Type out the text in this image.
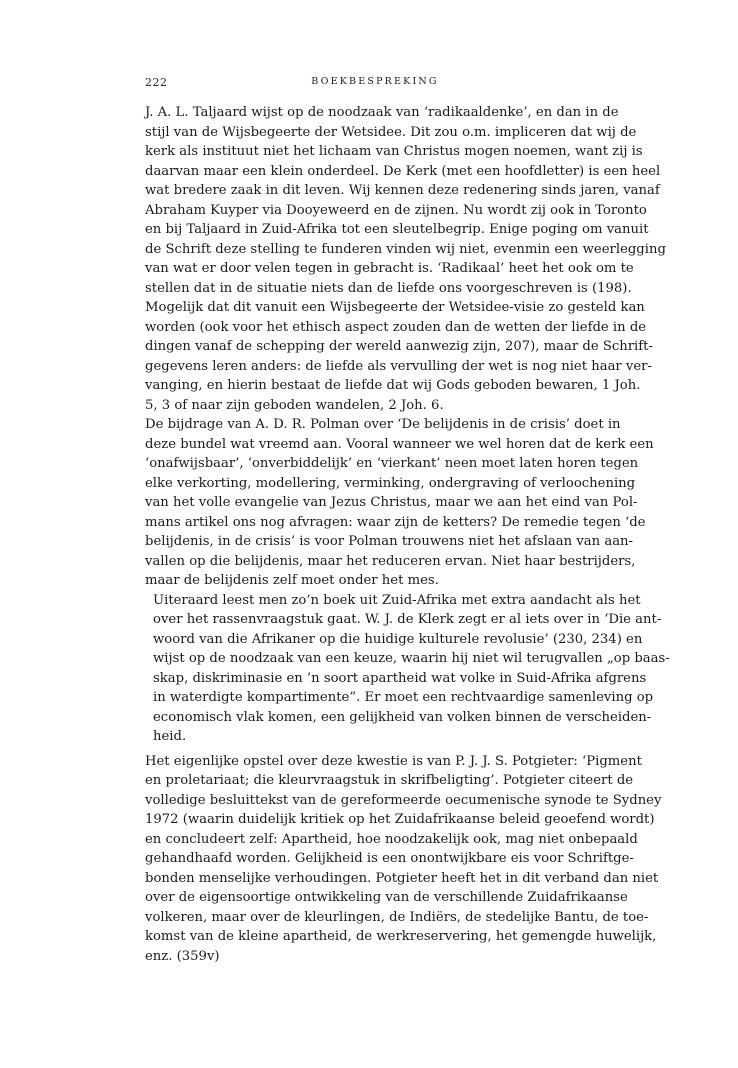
222	BOEKBESPREKING
J. A. L. Taljaard wijst op de noodzaak van ‘radikaaldenke’, en dan in de
stijl van de Wijsbegeerte der Wetsidee. Dit zou o.m. impliceren dat wij de
kerk als instituut niet het lichaam van Christus mogen noemen, want zij is
daarvan maar een klein onderdeel. De Kerk (met een hoofdletter) is een heel
wat bredere zaak in dit leven. Wij kennen deze redenering sinds jaren, vanaf
Abraham Kuyper via Dooyeweerd en de zijnen. Nu wordt zij ook in Toronto
en bij Taljaard in Zuid-Afrika tot een sleutelbegrip. Enige poging om vanuit
de Schrift deze stelling te funderen vinden wij niet, evenmin een weerlegging
van wat er door velen tegen in gebracht is. ‘Radikaal’ heet het ook om te
stellen dat in de situatie niets dan de liefde ons voorgeschreven is (198).
Mogelijk dat dit vanuit een Wijsbegeerte der Wetsidee-visie zo gesteld kan
worden (ook voor het ethisch aspect zouden dan de wetten der liefde in de
dingen vanaf de schepping der wereld aanwezig zijn, 207), maar de Schrift-
gegevens leren anders: de liefde als vervulling der wet is nog niet haar ver-
vanging, en hierin bestaat de liefde dat wij Gods geboden bewaren, 1 Joh.
5, 3 of naar zijn geboden wandelen, 2 Joh. 6.
De bijdrage van A. D. R. Polman over ‘De belijdenis in de crisis’ doet in
deze bundel wat vreemd aan. Vooral wanneer we wel horen dat de kerk een
‘onafwijsbaar’, ‘onverbiddelijk’ en ‘vierkant’ neen moet laten horen tegen
elke verkorting, modellering, verminking, ondergraving of verloochening
van het volle evangelie van Jezus Christus, maar we aan het eind van Pol-
mans artikel ons nog afvragen: waar zijn de ketters? De remedie tegen ‘de
belijdenis, in de crisis’ is voor Polman trouwens niet het afslaan van aan-
vallen op die belijdenis, maar het reduceren ervan. Niet haar bestrijders,
maar de belijdenis zelf moet onder het mes.
Uiteraard leest men zo’n boek uit Zuid-Afrika met extra aandacht als het
over het rassenvraagstuk gaat. W. J. de Klerk zegt er al iets over in ‘Die ant-
woord van die Afrikaner op die huidige kulturele revolusie’ (230, 234) en
wijst op de noodzaak van een keuze, waarin hij niet wil terugvallen „op baas-
skap, diskriminasie en ’n soort apartheid wat volke in Suid-Afrika afgrens
in waterdigte kompartimente”. Er moet een rechtvaardige samenleving op
economisch vlak komen, een gelijkheid van volken binnen de verscheiden-
heid.
Het eigenlijke opstel over deze kwestie is van P. J. J. S. Potgieter: ‘Pigment
en proletariaat; die kleurvraagstuk in skrifbeligting’. Potgieter citeert de
volledige besluittekst van de gereformeerde oecumenische synode te Sydney
1972 (waarin duidelijk kritiek op het Zuidafrikaanse beleid geoefend wordt)
en concludeert zelf: Apartheid, hoe noodzakelijk ook, mag niet onbepaald
gehandhaafd worden. Gelijkheid is een onontwijkbare eis voor Schriftge-
bonden menselijke verhoudingen. Potgieter heeft het in dit verband dan niet
over de eigensoortige ontwikkeling van de verschillende Zuidafrikaanse
volkeren, maar over de kleurlingen, de Indiërs, de stedelijke Bantu, de toe-
komst van de kleine apartheid, de werkreservering, het gemengde huwelijk,
enz. (359v)
